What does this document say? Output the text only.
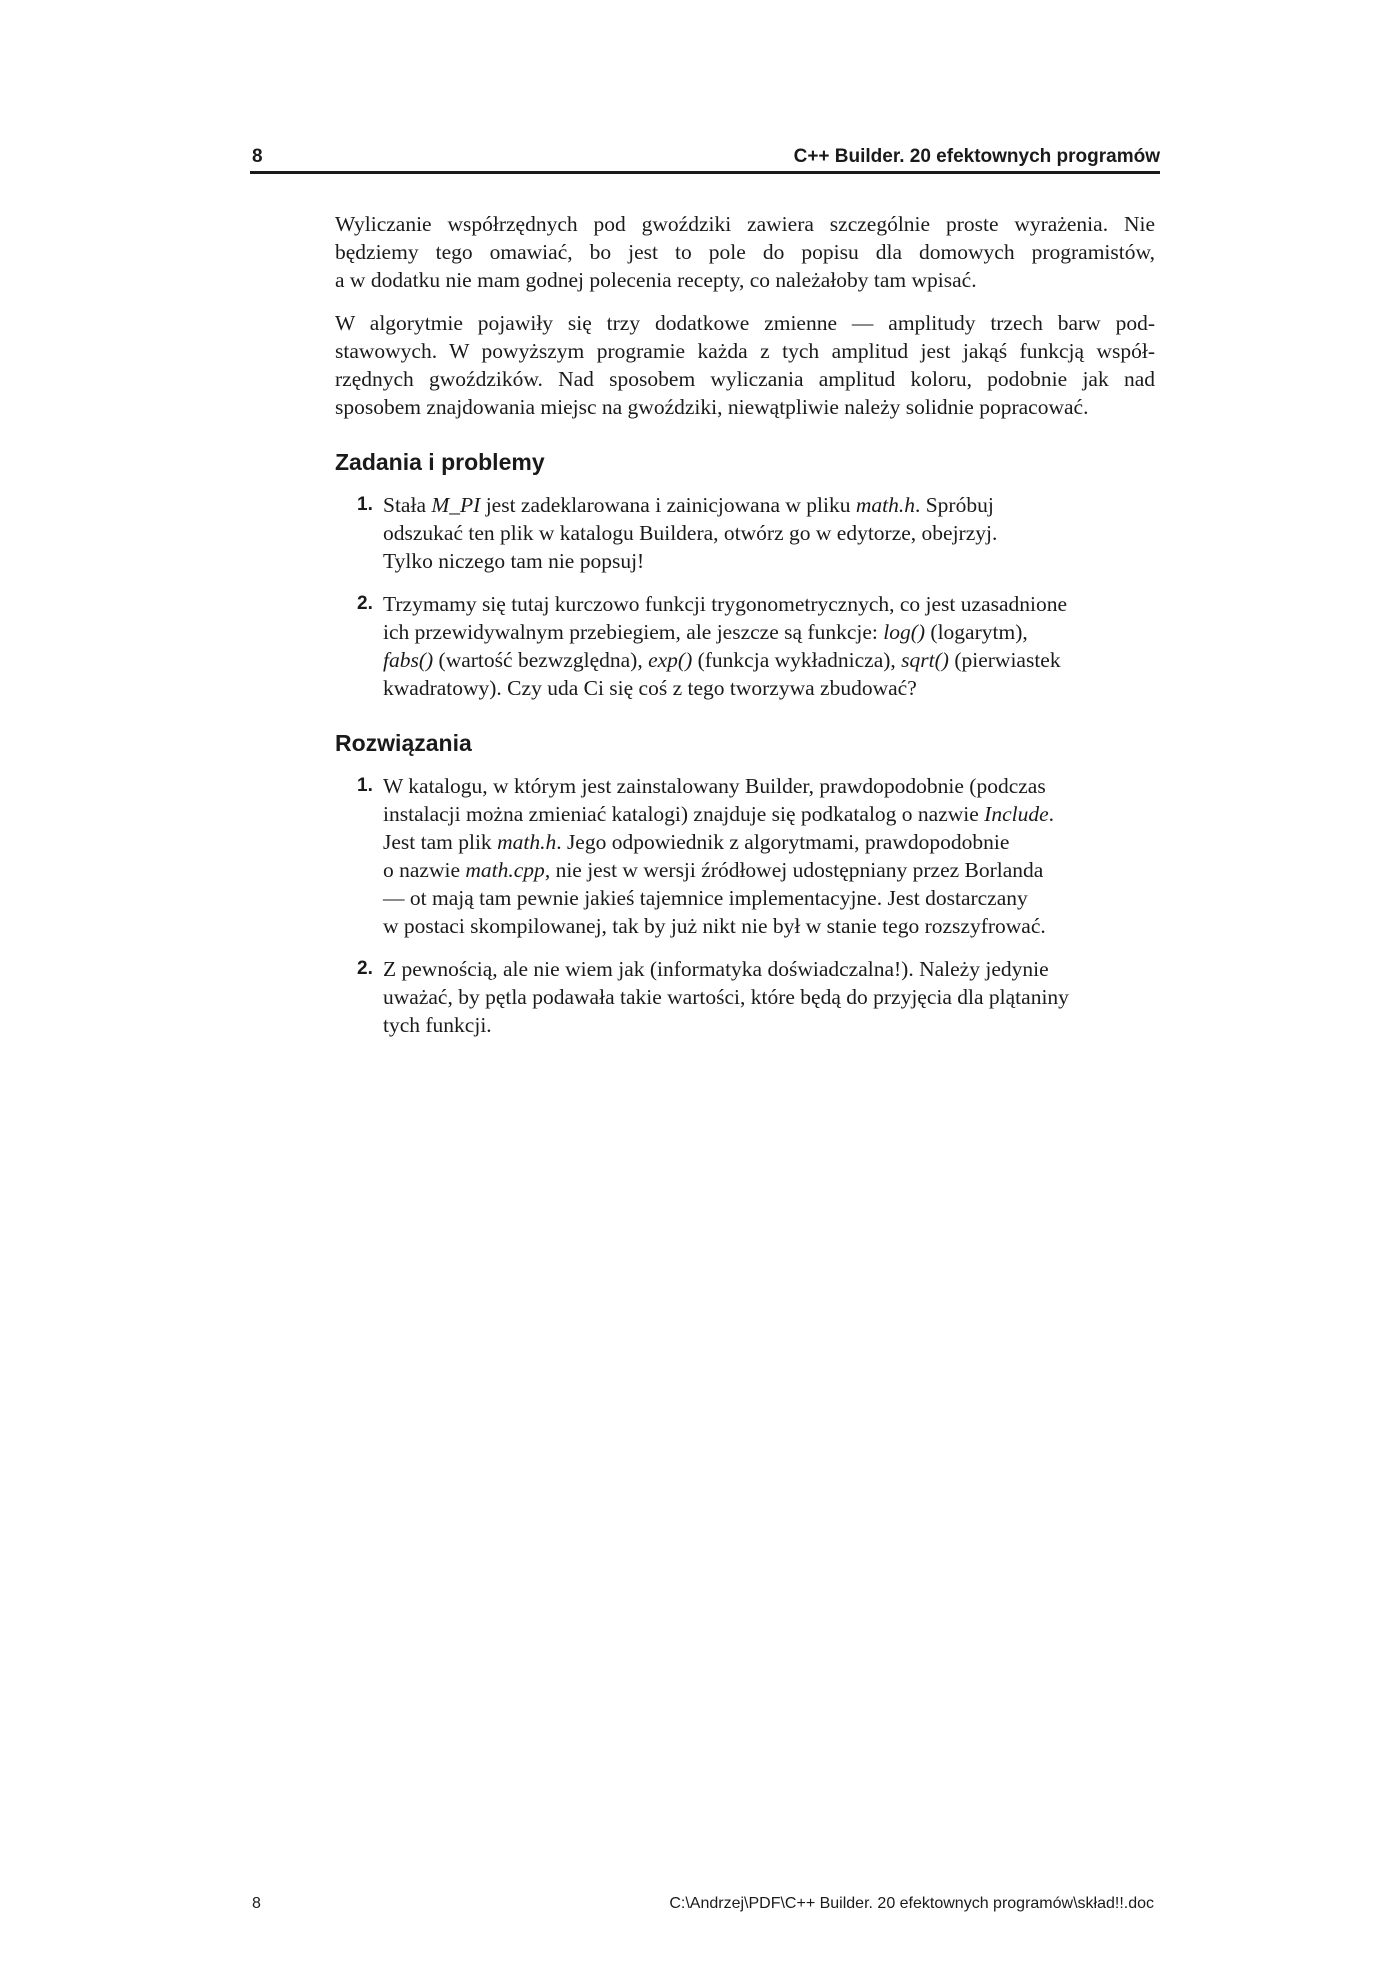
8	C++ Builder. 20 efektownych programów

Wyliczanie współrzędnych pod gwoździki zawiera szczególnie proste wyrażenia. Nie
będziemy tego omawiać, bo jest to pole do popisu dla domowych programistów,
a w dodatku nie mam godnej polecenia recepty, co należałoby tam wpisać.

W algorytmie pojawiły się trzy dodatkowe zmienne — amplitudy trzech barw pod-
stawowych. W powyższym programie każda z tych amplitud jest jakąś funkcją współ-
rzędnych gwoździków. Nad sposobem wyliczania amplitud koloru, podobnie jak nad
sposobem znajdowania miejsc na gwoździki, niewątpliwie należy solidnie popracować.

Zadania i problemy
1. Stała M_PI jest zadeklarowana i zainicjowana w pliku math.h. Spróbuj
odszukać ten plik w katalogu Buildera, otwórz go w edytorze, obejrzyj.
Tylko niczego tam nie popsuj!
2. Trzymamy się tutaj kurczowo funkcji trygonometrycznych, co jest uzasadnione
ich przewidywalnym przebiegiem, ale jeszcze są funkcje: log() (logarytm),
fabs() (wartość bezwzględna), exp() (funkcja wykładnicza), sqrt() (pierwiastek
kwadratowy). Czy uda Ci się coś z tego tworzywa zbudować?
Rozwiązania
1. W katalogu, w którym jest zainstalowany Builder, prawdopodobnie (podczas
instalacji można zmieniać katalogi) znajduje się podkatalog o nazwie Include.
Jest tam plik math.h. Jego odpowiednik z algorytmami, prawdopodobnie
o nazwie math.cpp, nie jest w wersji źródłowej udostępniany przez Borlanda
— ot mają tam pewnie jakieś tajemnice implementacyjne. Jest dostarczany
w postaci skompilowanej, tak by już nikt nie był w stanie tego rozszyfrować.
2. Z pewnością, ale nie wiem jak (informatyka doświadczalna!). Należy jedynie
uważać, by pętla podawała takie wartości, które będą do przyjęcia dla plątaniny
tych funkcji.
8	C:\Andrzej\PDF\C++ Builder. 20 efektownych programów\skład!!.doc
